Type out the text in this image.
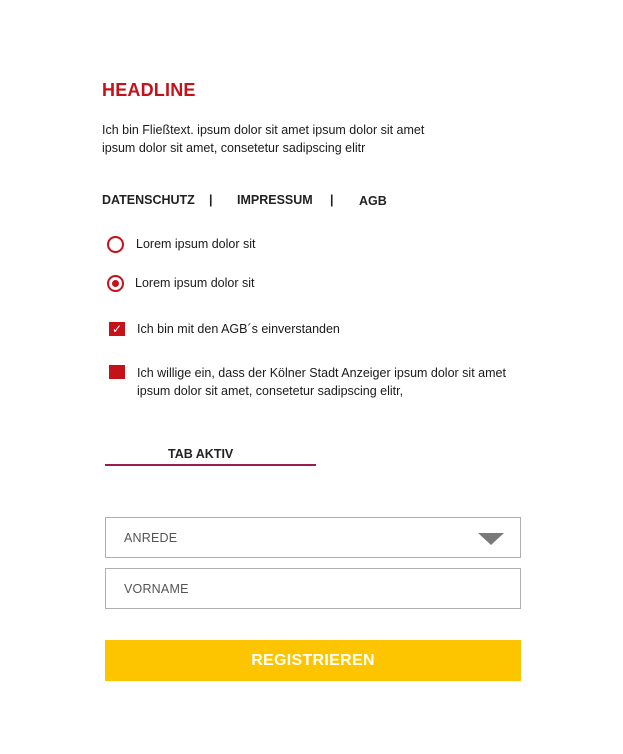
HEADLINE
Ich bin Fließtext. ipsum dolor sit amet ipsum dolor sit amet
ipsum dolor sit amet, consetetur sadipscing elitr
DATENSCHUTZ | IMPRESSUM | AGB
Lorem ipsum dolor sit
Lorem ipsum dolor sit
✓ Ich bin mit den AGB´s einverstanden
Ich willige ein, dass der Kölner Stadt Anzeiger ipsum dolor sit amet
ipsum dolor sit amet, consetetur sadipscing elitr,
TAB AKTIV
ANREDE
VORNAME
REGISTRIEREN
